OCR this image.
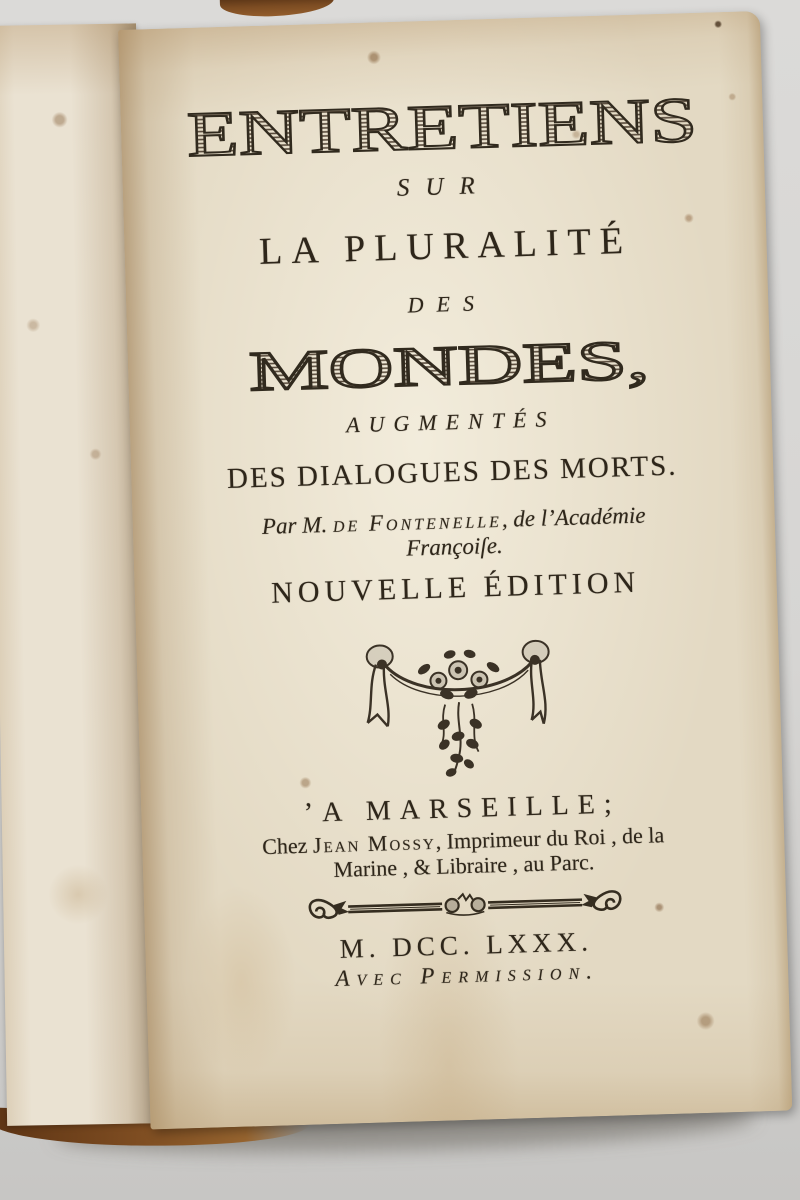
ENTRETIENS
SUR
LA PLURALITÉ
DES
MONDES,
AUGMENTÉS
DES DIALOGUES DES MORTS.
Par M. de Fontenelle, de l’Académie
Françoiſe.
NOUVELLE ÉDITION
’A MARSEILLE;
Chez Jean Mossy, Imprimeur du Roi , de la
Marine , & Libraire , au Parc.
M. DCC. LXXX.
Avec Permission.
